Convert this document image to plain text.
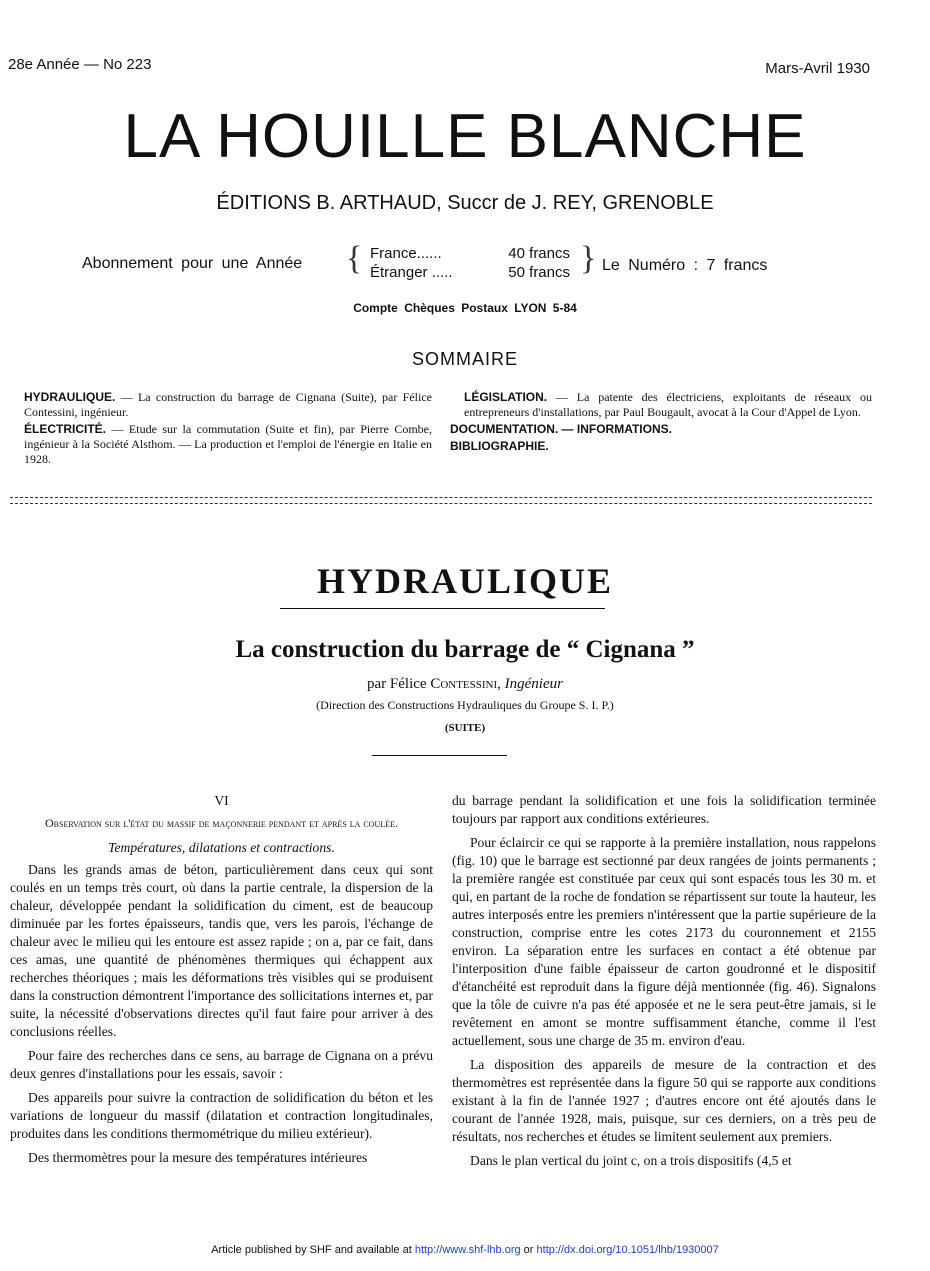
28e Année — No 223	Mars-Avril 1930
LA HOUILLE BLANCHE
ÉDITIONS B. ARTHAUD, Succr de J. REY, GRENOBLE
Abonnement pour une Année { France......	40 francs
Étranger .....	50 francs } Le Numéro : 7 francs
Compte Chèques Postaux LYON 5-84
SOMMAIRE

HYDRAULIQUE. — La construction du barrage de Cignana (Suite), par Félice Contessini, ingénieur.

ÉLECTRICITÉ. — Etude sur la commutation (Suite et fin), par Pierre Combe, ingénieur à la Société Alsthom. — La production et l'emploi de l'énergie en Italie en 1928.

LÉGISLATION. — La patente des électriciens, exploitants de réseaux ou entrepreneurs d'installations, par Paul Bougault, avocat à la Cour d'Appel de Lyon.

DOCUMENTATION. — INFORMATIONS.

BIBLIOGRAPHIE.

HYDRAULIQUE
La construction du barrage de “ Cignana ”
par Félice Contessini, Ingénieur
(Direction des Constructions Hydrauliques du Groupe S. I. P.)
(SUITE)

VI

Observation sur l'état du massif de maçonnerie pendant et après la coulée.

Températures, dilatations et contractions.

Dans les grands amas de béton, particulièrement dans ceux qui sont coulés en un temps très court, où dans la partie centrale, la dispersion de la chaleur, développée pendant la solidification du ciment, est de beaucoup diminuée par les fortes épaisseurs, tandis que, vers les parois, l'échange de chaleur avec le milieu qui les entoure est assez rapide ; on a, par ce fait, dans ces amas, une quantité de phénomènes thermiques qui échappent aux recherches théoriques ; mais les déformations très visibles qui se produisent dans la construction démontrent l'importance des sollicitations internes et, par suite, la nécessité d'observations directes qu'il faut faire pour arriver à des conclusions réelles.

Pour faire des recherches dans ce sens, au barrage de Cignana on a prévu deux genres d'installations pour les essais, savoir :

Des appareils pour suivre la contraction de solidification du béton et les variations de longueur du massif (dilatation et contraction longitudinales, produites dans les conditions thermométrique du milieu extérieur).

Des thermomètres pour la mesure des températures intérieures

du barrage pendant la solidification et une fois la solidification terminée toujours par rapport aux conditions extérieures.

Pour éclaircir ce qui se rapporte à la première installation, nous rappelons (fig. 10) que le barrage est sectionné par deux rangées de joints permanents ; la première rangée est constituée par ceux qui sont espacés tous les 30 m. et qui, en partant de la roche de fondation se répartissent sur toute la hauteur, les autres interposés entre les premiers n'intéressent que la partie supérieure de la construction, comprise entre les cotes 2173 du couronnement et 2155 environ. La séparation entre les surfaces en contact a été obtenue par l'interposition d'une faible épaisseur de carton goudronné et le dispositif d'étanchéité est reproduit dans la figure déjà mentionnée (fig. 46). Signalons que la tôle de cuivre n'a pas été apposée et ne le sera peut-être jamais, si le revêtement en amont se montre suffisamment étanche, comme il l'est actuellement, sous une charge de 35 m. environ d'eau.

La disposition des appareils de mesure de la contraction et des thermomètres est représentée dans la figure 50 qui se rapporte aux conditions existant à la fin de l'année 1927 ; d'autres encore ont été ajoutés dans le courant de l'année 1928, mais, puisque, sur ces derniers, on a très peu de résultats, nos recherches et études se limitent seulement aux premiers.

Dans le plan vertical du joint c, on a trois dispositifs (4,5 et

Article published by SHF and available at http://www.shf-lhb.org or http://dx.doi.org/10.1051/lhb/1930007
